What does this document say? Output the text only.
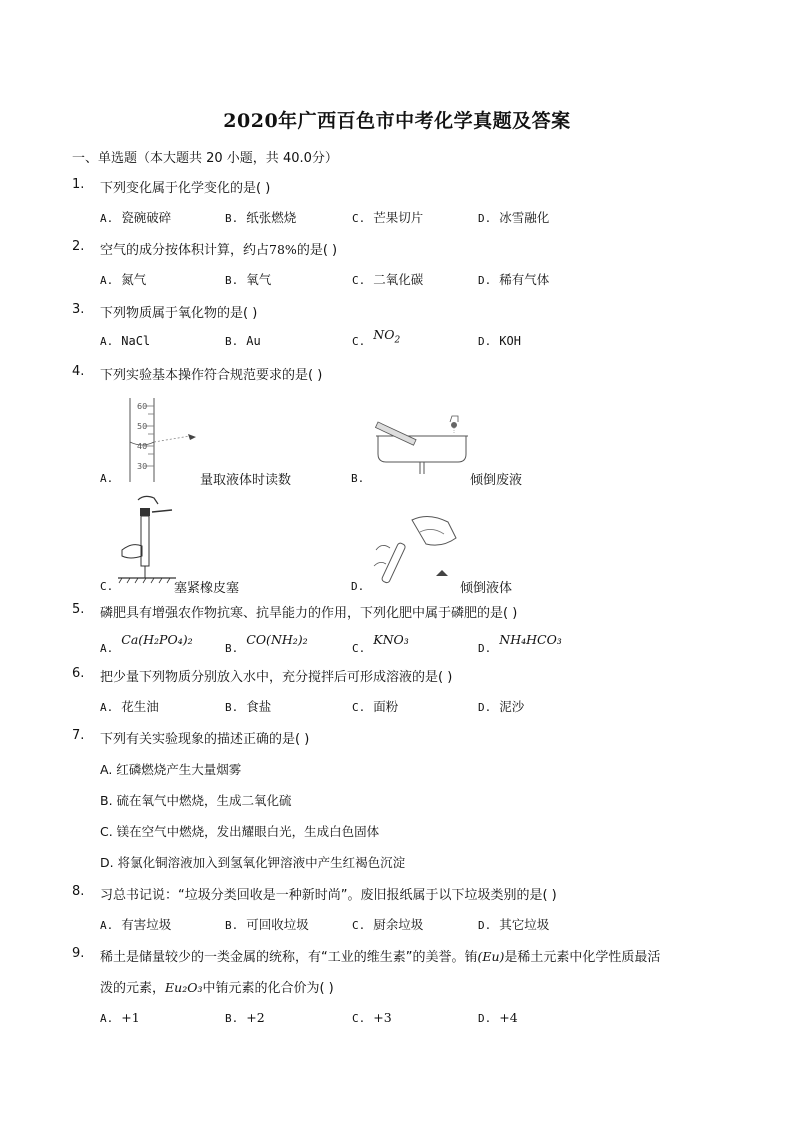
2020年广西百色市中考化学真题及答案
一、单选题（本大题共 20 小题，共 40.0分）
1.	下列变化属于化学变化的是( )
A. 瓷碗破碎	B. 纸张燃烧	C. 芒果切片	D. 冰雪融化
2.	空气的成分按体积计算，约占78%的是( )
A. 氮气	B. 氧气	C. 二氧化碳	D. 稀有气体
3.	下列物质属于氧化物的是( )
A. NaCl	B. Au	C. $NO_2$	D. KOH
4.	下列实验基本操作符合规范要求的是( )
A.
60
50
40
30
量取液体时读数	B.	倾倒废液
C.	塞紧橡皮塞	D.	倾倒液体
5.	磷肥具有增强农作物抗寒、抗旱能力的作用，下列化肥中属于磷肥的是( )
A.Ca(H₂PO₄)₂
B.CO(NH₂)₂
C.KNO₃
D.NH₄HCO₃
6.	把少量下列物质分别放入水中，充分搅拌后可形成溶液的是( )
A. 花生油	B. 食盐	C. 面粉	D. 泥沙
7.	下列有关实验现象的描述正确的是( )
A. 红磷燃烧产生大量烟雾
B. 硫在氧气中燃烧，生成二氧化硫
C. 镁在空气中燃烧，发出耀眼白光，生成白色固体
D. 将氯化铜溶液加入到氢氧化钾溶液中产生红褐色沉淀
8.	习总书记说：“垃圾分类回收是一种新时尚”。废旧报纸属于以下垃圾类别的是( )
A. 有害垃圾	B. 可回收垃圾	C. 厨余垃圾	D. 其它垃圾
9.	稀土是储量较少的一类金属的统称，有“工业的维生素”的美誉。铕(Eu)是稀土元素中化学性质最活
泼的元素，Eu₂O₃中铕元素的化合价为( )
A. +1	B. +2	C. +3	D. +4
